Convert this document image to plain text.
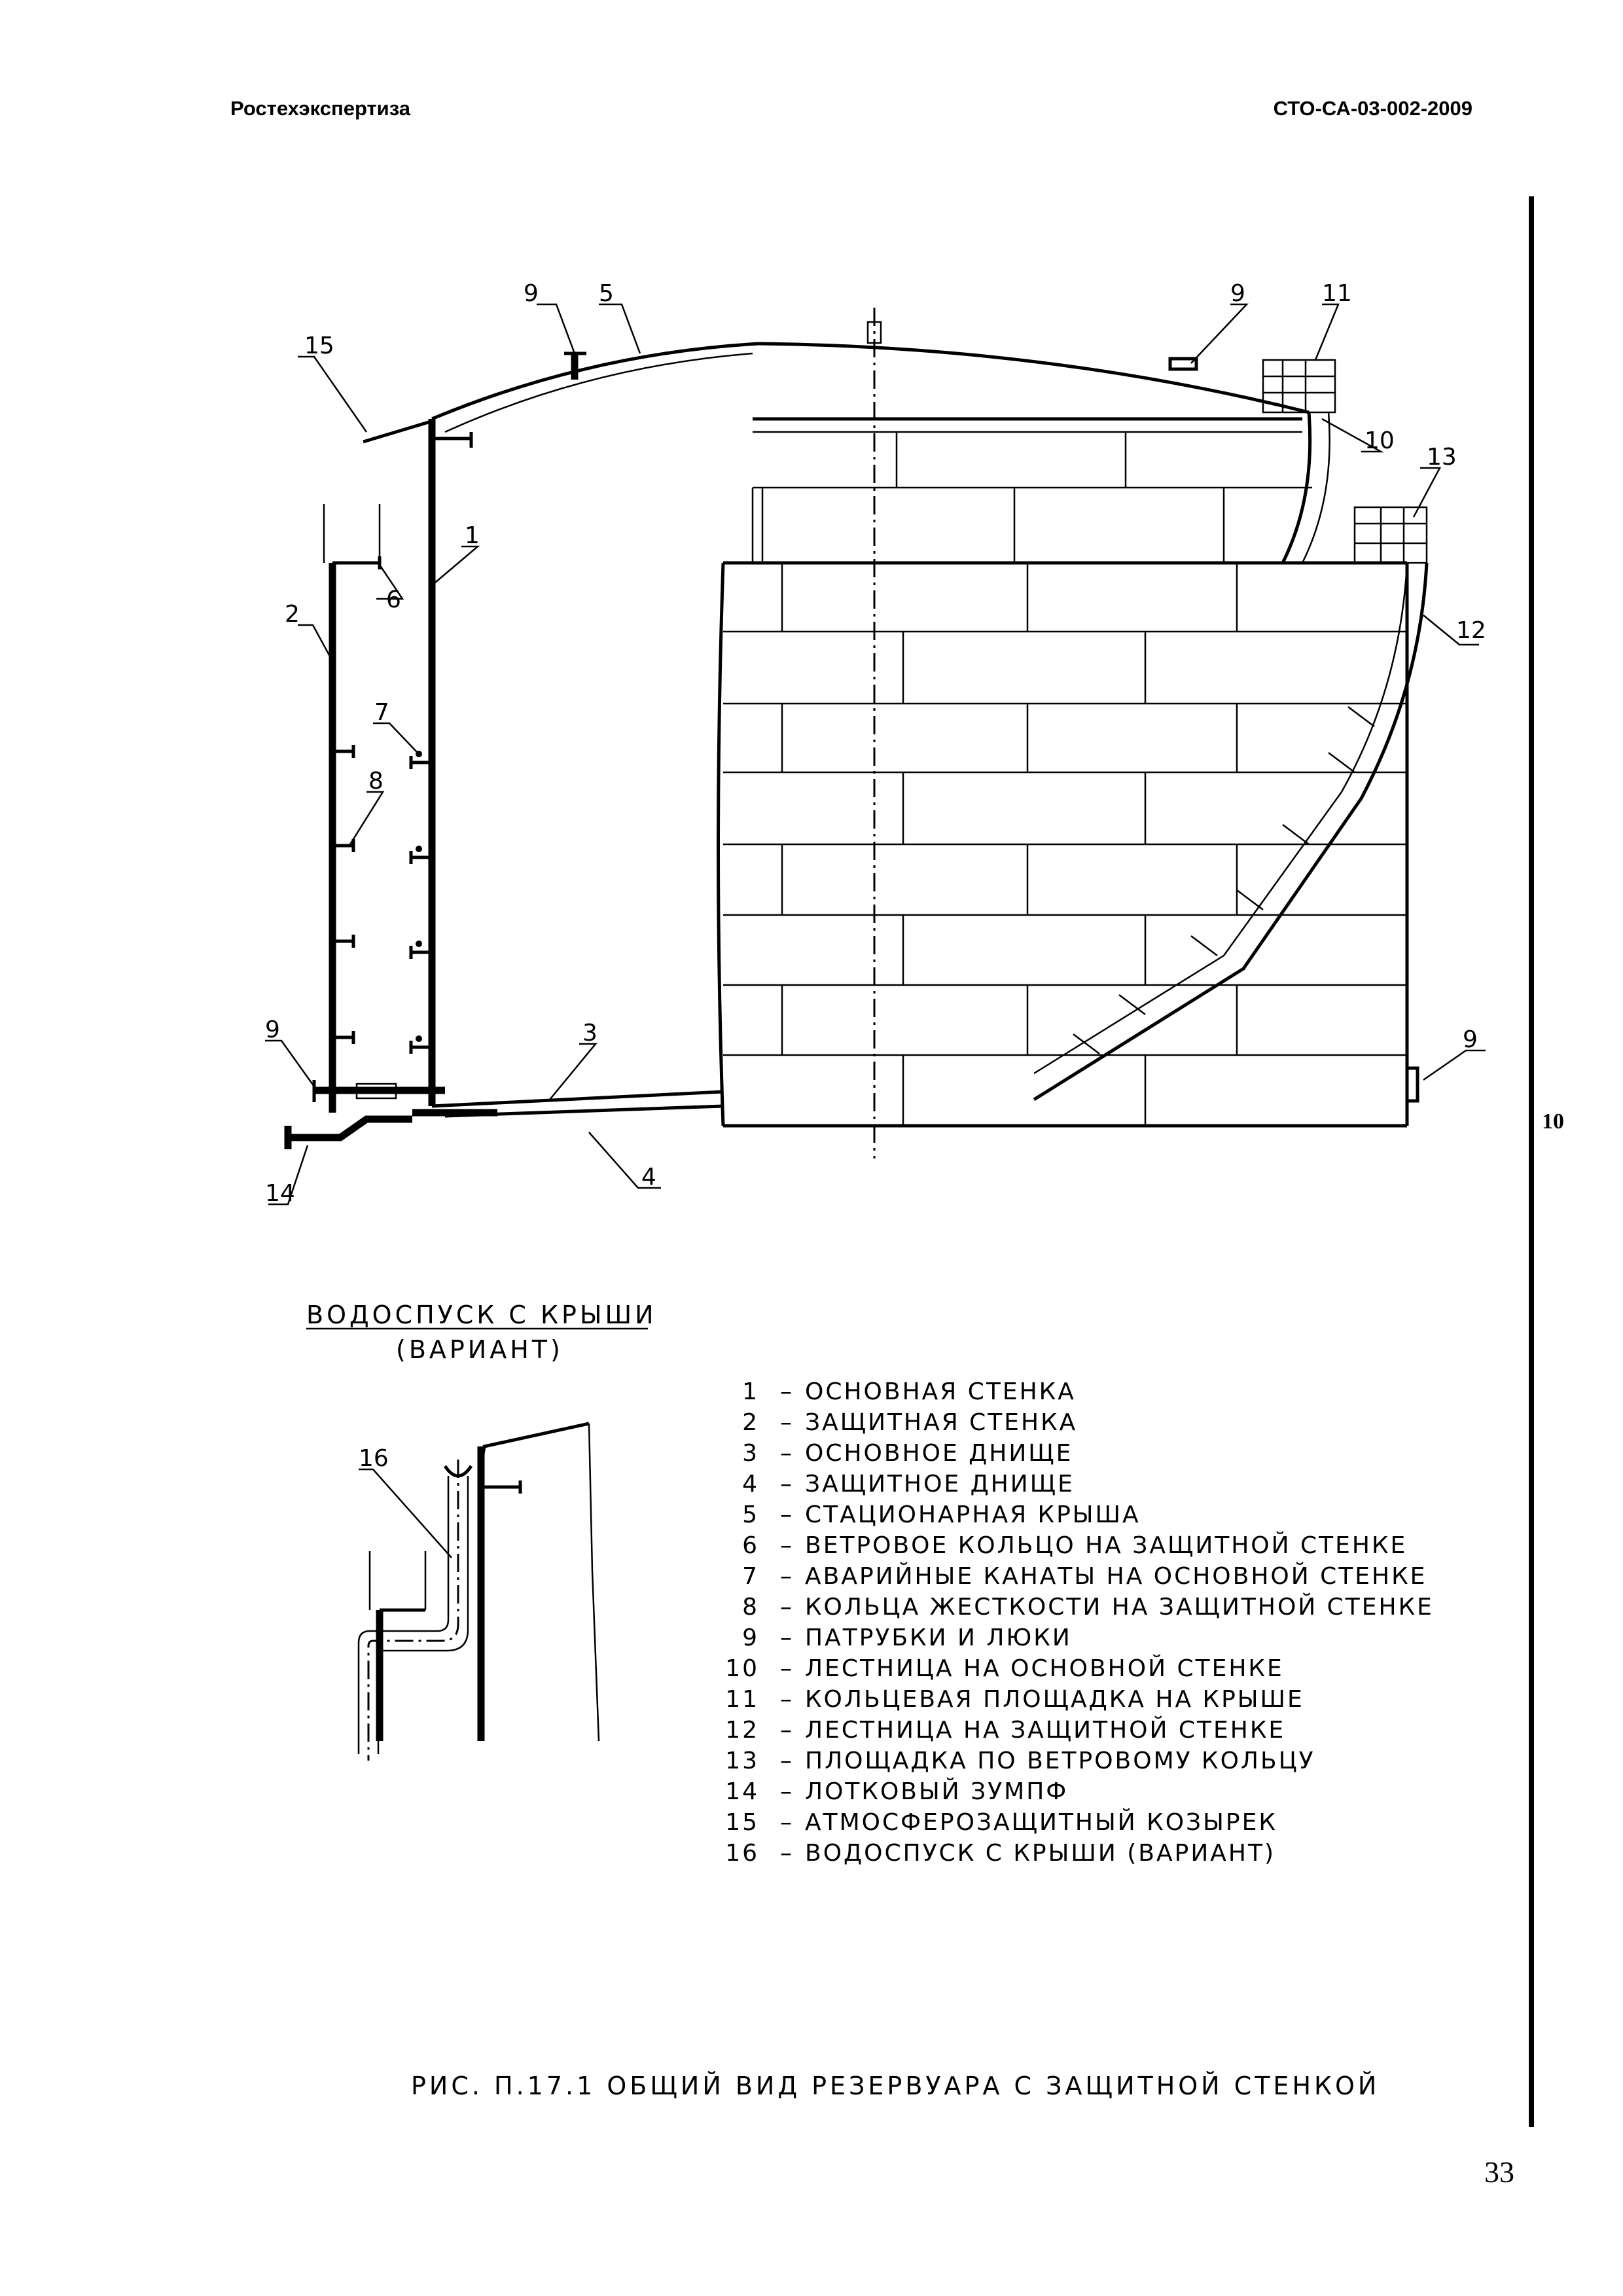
Ростехэкспертиза	СТО-СА-03-002-2009
10
33
9	5	9	11
15
10
13
1
2
6
12
7
8
9	3	9
14
4
ВОДОСПУСК С КРЫШИ
(ВАРИАНТ)
16
1 – ОСНОВНАЯ СТЕНКА
2 – ЗАЩИТНАЯ СТЕНКА
3 – ОСНОВНОЕ ДНИЩЕ
4 – ЗАЩИТНОЕ ДНИЩЕ
5 – СТАЦИОНАРНАЯ КРЫША
6 – ВЕТРОВОЕ КОЛЬЦО НА ЗАЩИТНОЙ СТЕНКЕ
7 – АВАРИЙНЫЕ КАНАТЫ НА ОСНОВНОЙ СТЕНКЕ
8 – КОЛЬЦА ЖЕСТКОСТИ НА ЗАЩИТНОЙ СТЕНКЕ
9 – ПАТРУБКИ И ЛЮКИ
10 – ЛЕСТНИЦА НА ОСНОВНОЙ СТЕНКЕ
11 – КОЛЬЦЕВАЯ ПЛОЩАДКА НА КРЫШЕ
12 – ЛЕСТНИЦА НА ЗАЩИТНОЙ СТЕНКЕ
13 – ПЛОЩАДКА ПО ВЕТРОВОМУ КОЛЬЦУ
14 – ЛОТКОВЫЙ ЗУМПФ
15 – АТМОСФЕРОЗАЩИТНЫЙ КОЗЫРЕК
16 – ВОДОСПУСК С КРЫШИ (ВАРИАНТ)
РИС. П.17.1 ОБЩИЙ ВИД РЕЗЕРВУАРА С ЗАЩИТНОЙ СТЕНКОЙ
